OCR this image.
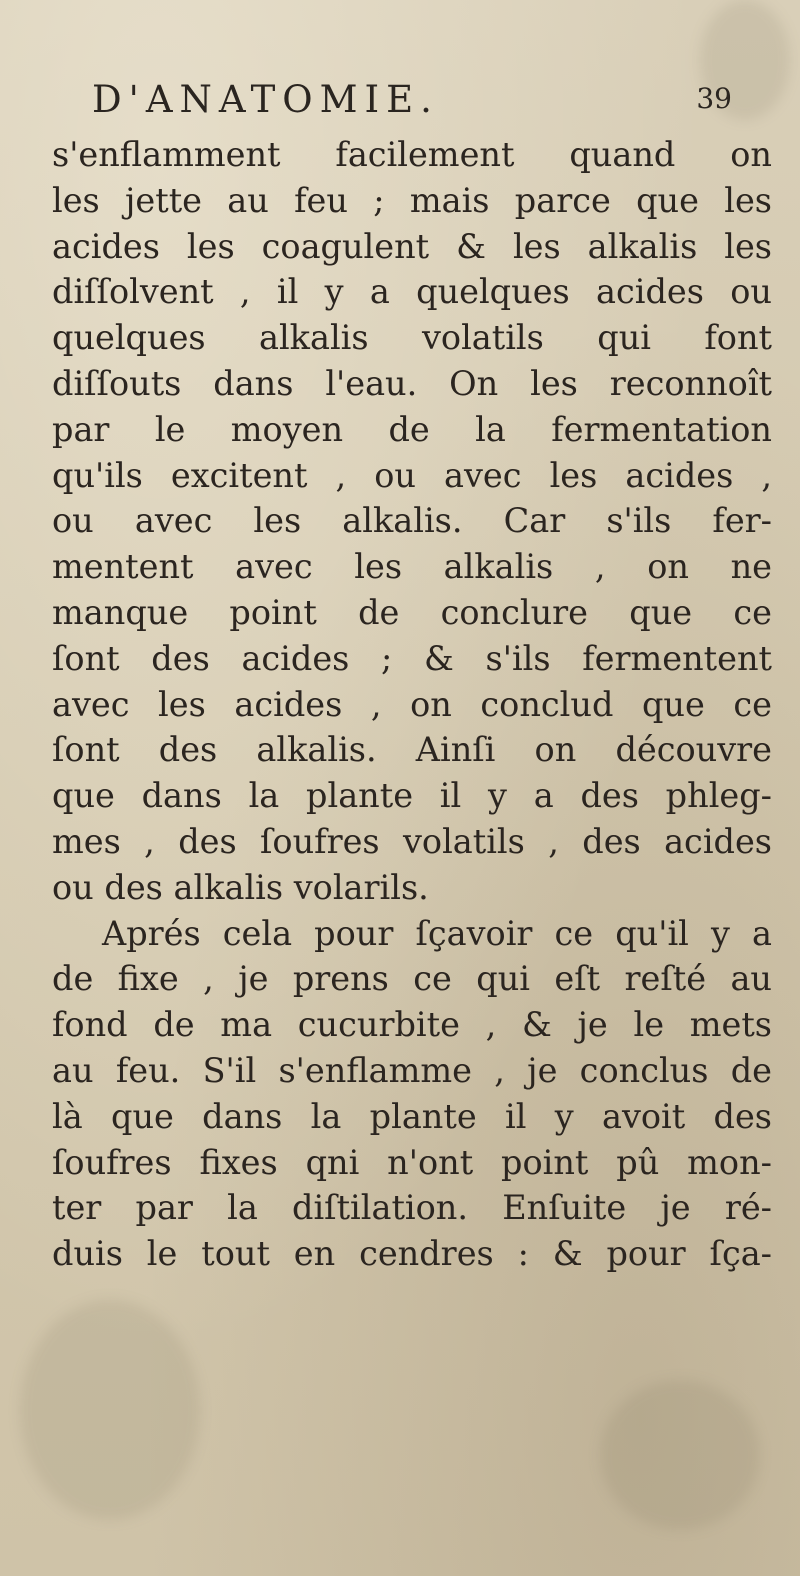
D'ANATOMIE.	39
s'enflamment facilement quand on
les jette au feu ; mais parce que les
acides les coagulent & les alkalis les
diſſolvent , il y a quelques acides ou
quelques alkalis volatils qui font
diſſouts dans l'eau. On les reconnoît
par le moyen de la fermentation
qu'ils excitent , ou avec les acides ,
ou avec les alkalis. Car s'ils fer-
mentent avec les alkalis , on ne
manque point de conclure que ce
ſont des acides ; & s'ils fermentent
avec les acides , on conclud que ce
ſont des alkalis. Ainſi on découvre
que dans la plante il y a des phleg-
mes , des ſoufres volatils , des acides
ou des alkalis volarils.
Aprés cela pour ſçavoir ce qu'il y a
de fixe , je prens ce qui eſt reſté au
fond de ma cucurbite , & je le mets
au feu. S'il s'enflamme , je conclus de
là que dans la plante il y avoit des
ſoufres fixes qni n'ont point pû mon-
ter par la diſtilation. Enſuite je ré-
duis le tout en cendres : & pour ſça-
